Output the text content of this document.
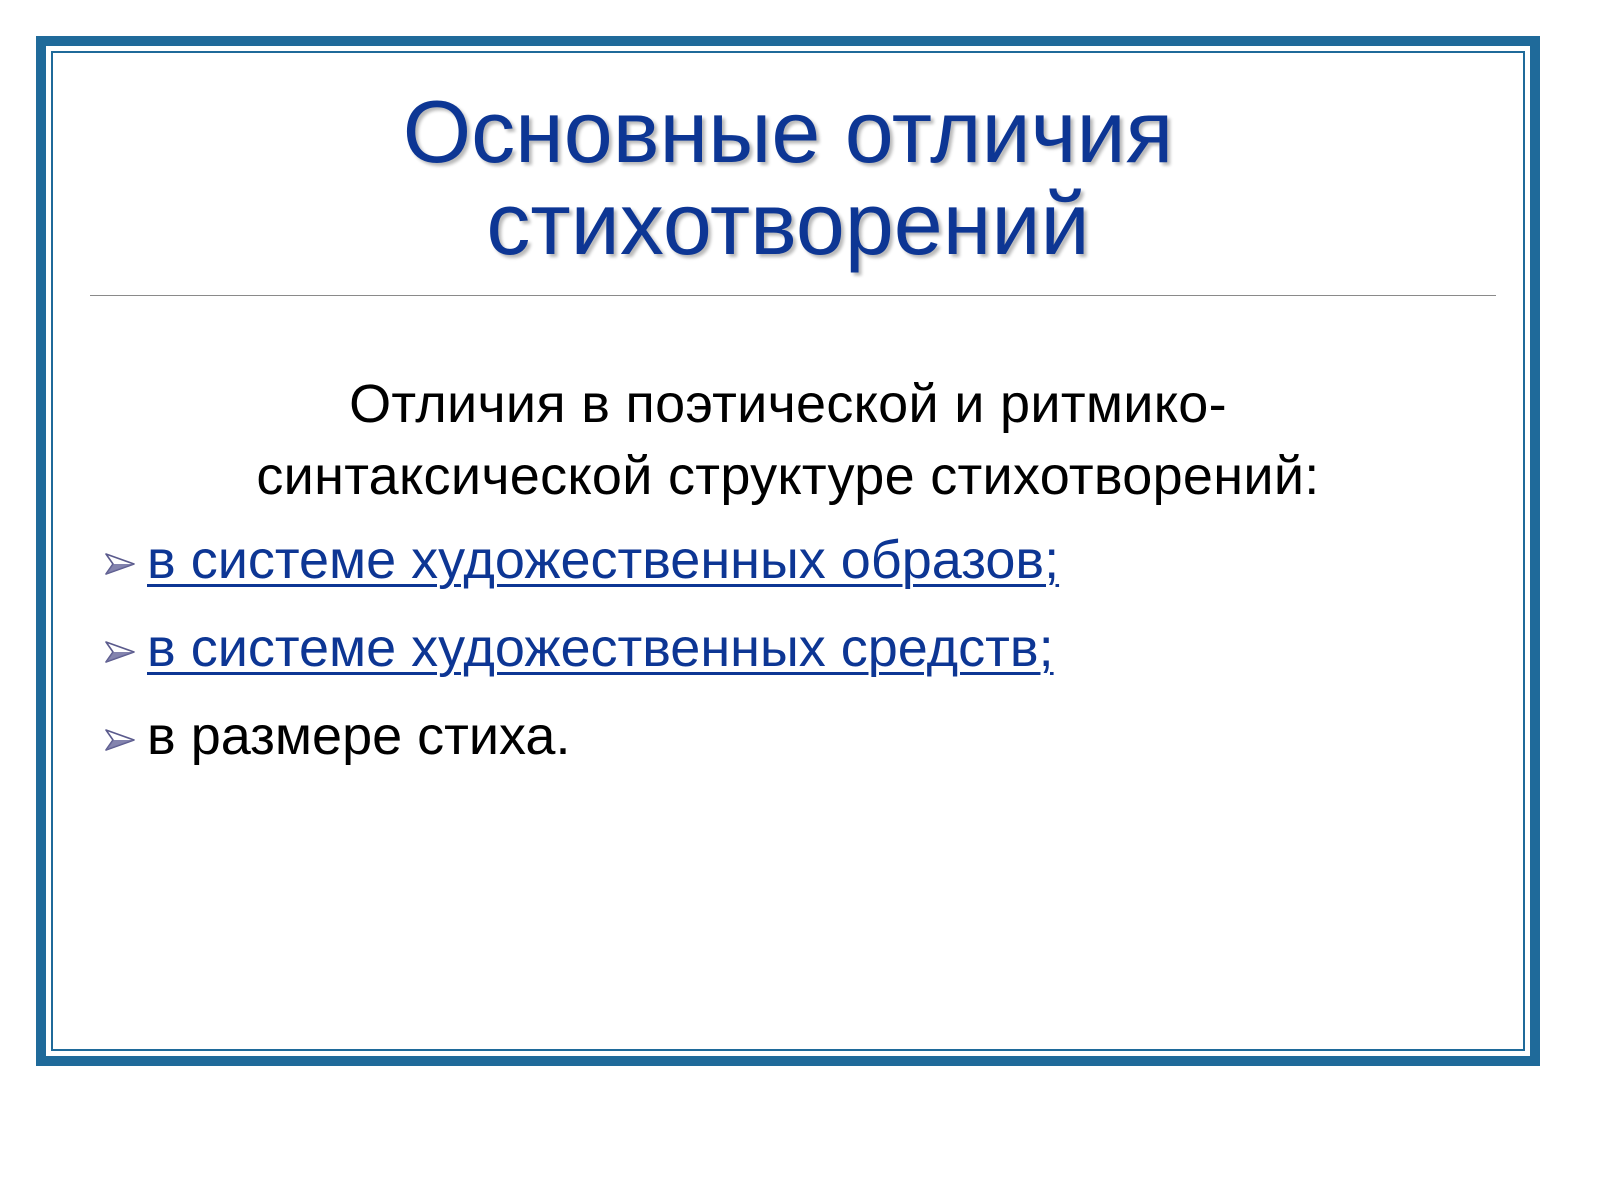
Основные отличия
стихотворений

Отличия в поэтической и ритмико-
синтаксической структуре стихотворений:

в системе художественных образов;
в системе художественных средств;
в размере стиха.
